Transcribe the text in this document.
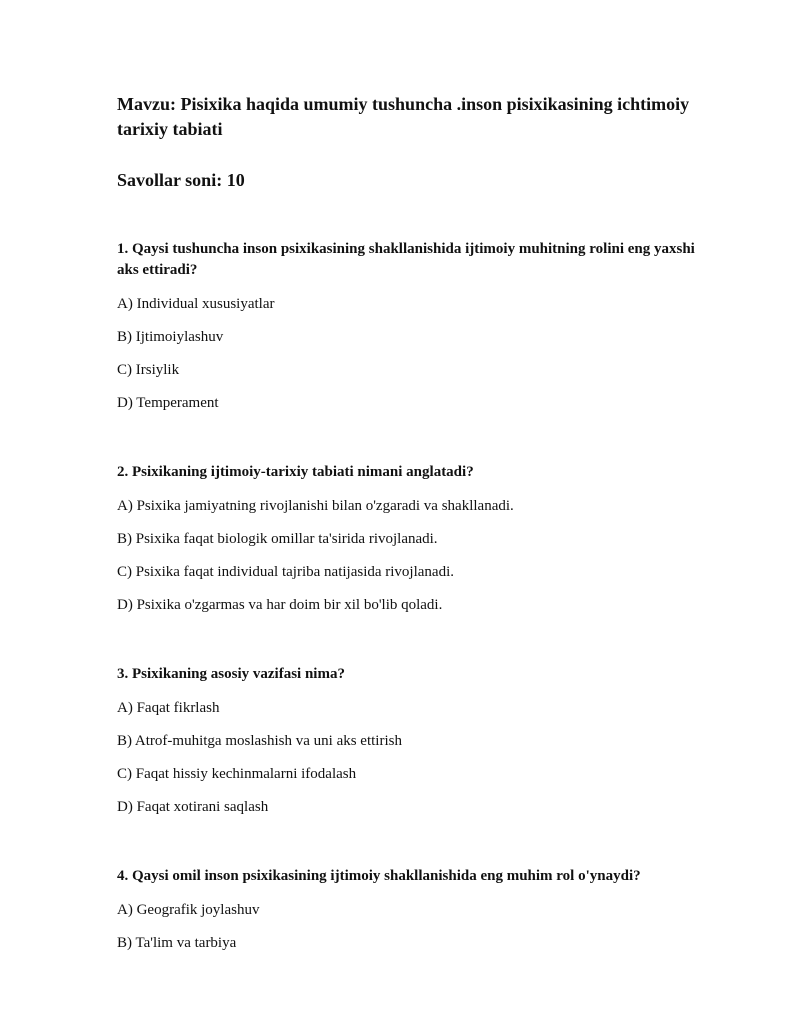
Mavzu: Pisixika haqida umumiy tushuncha .inson pisixikasining ichtimoiy tarixiy tabiati

Savollar soni: 10

1. Qaysi tushuncha inson psixikasining shakllanishida ijtimoiy muhitning rolini eng yaxshi aks ettiradi?

A) Individual xususiyatlar

B) Ijtimoiylashuv

C) Irsiylik

D) Temperament

2. Psixikaning ijtimoiy-tarixiy tabiati nimani anglatadi?

A) Psixika jamiyatning rivojlanishi bilan o'zgaradi va shakllanadi.

B) Psixika faqat biologik omillar ta'sirida rivojlanadi.

C) Psixika faqat individual tajriba natijasida rivojlanadi.

D) Psixika o'zgarmas va har doim bir xil bo'lib qoladi.

3. Psixikaning asosiy vazifasi nima?

A) Faqat fikrlash

B) Atrof-muhitga moslashish va uni aks ettirish

C) Faqat hissiy kechinmalarni ifodalash

D) Faqat xotirani saqlash

4. Qaysi omil inson psixikasining ijtimoiy shakllanishida eng muhim rol o'ynaydi?

A) Geografik joylashuv

B) Ta'lim va tarbiya
